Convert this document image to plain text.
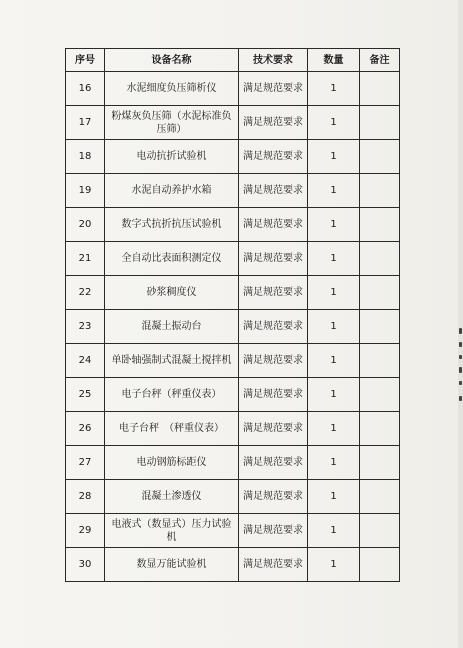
序号	设备名称	技术要求	数量	备注
16	水泥细度负压筛析仪	满足规范要求	1	
17	粉煤灰负压筛（水泥标准负压筛）	满足规范要求	1	
18	电动抗折试验机	满足规范要求	1	
19	水泥自动养护水箱	满足规范要求	1	
20	数字式抗折抗压试验机	满足规范要求	1	
21	全自动比表面积测定仪	满足规范要求	1	
22	砂浆稠度仪	满足规范要求	1	
23	混凝土振动台	满足规范要求	1	
24	单卧轴强制式混凝土搅拌机	满足规范要求	1	
25	电子台秤（秤重仪表）	满足规范要求	1	
26	电子台秤　（秤重仪表）	满足规范要求	1	
27	电动钢筋标距仪	满足规范要求	1	
28	混凝土渗透仪	满足规范要求	1	
29	电液式（数显式）压力试验机	满足规范要求	1	
30	数显万能试验机	满足规范要求	1	
